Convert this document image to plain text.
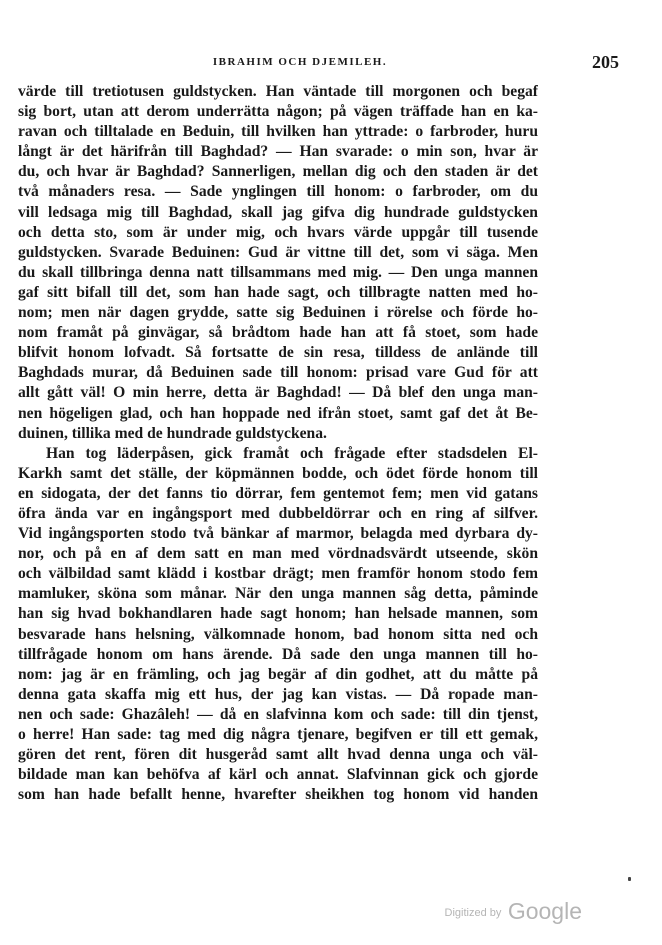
IBRAHIM OCH DJEMILEH.	205
värde till tretiotusen guldstycken. Han väntade till morgonen och begaf
sig bort, utan att derom underrätta någon; på vägen träffade han en ka-
ravan och tilltalade en Beduin, till hvilken han yttrade: o farbroder, huru
långt är det härifrån till Baghdad? — Han svarade: o min son, hvar är
du, och hvar är Baghdad? Sannerligen, mellan dig och den staden är det
två månaders resa. — Sade ynglingen till honom: o farbroder, om du
vill ledsaga mig till Baghdad, skall jag gifva dig hundrade guldstycken
och detta sto, som är under mig, och hvars värde uppgår till tusende
guldstycken. Svarade Beduinen: Gud är vittne till det, som vi säga. Men
du skall tillbringa denna natt tillsammans med mig. — Den unga mannen
gaf sitt bifall till det, som han hade sagt, och tillbragte natten med ho-
nom; men när dagen grydde, satte sig Beduinen i rörelse och förde ho-
nom framåt på ginvägar, så brådtom hade han att få stoet, som hade
blifvit honom lofvadt. Så fortsatte de sin resa, tilldess de anlände till
Baghdads murar, då Beduinen sade till honom: prisad vare Gud för att
allt gått väl! O min herre, detta är Baghdad! — Då blef den unga man-
nen högeligen glad, och han hoppade ned ifrån stoet, samt gaf det åt Be-
duinen, tillika med de hundrade guldstyckena.
Han tog läderpåsen, gick framåt och frågade efter stadsdelen El-
Karkh samt det ställe, der köpmännen bodde, och ödet förde honom till
en sidogata, der det fanns tio dörrar, fem gentemot fem; men vid gatans
öfra ända var en ingångsport med dubbeldörrar och en ring af silfver.
Vid ingångsporten stodo två bänkar af marmor, belagda med dyrbara dy-
nor, och på en af dem satt en man med vördnadsvärdt utseende, skön
och välbildad samt klädd i kostbar drägt; men framför honom stodo fem
mamluker, sköna som månar. När den unga mannen såg detta, påminde
han sig hvad bokhandlaren hade sagt honom; han helsade mannen, som
besvarade hans helsning, välkomnade honom, bad honom sitta ned och
tillfrågade honom om hans ärende. Då sade den unga mannen till ho-
nom: jag är en främling, och jag begär af din godhet, att du måtte på
denna gata skaffa mig ett hus, der jag kan vistas. — Då ropade man-
nen och sade: Ghazâleh! — då en slafvinna kom och sade: till din tjenst,
o herre! Han sade: tag med dig några tjenare, begifven er till ett gemak,
gören det rent, fören dit husgeråd samt allt hvad denna unga och väl-
bildade man kan behöfva af kärl och annat. Slafvinnan gick och gjorde
som han hade befallt henne, hvarefter sheikhen tog honom vid handen
Digitized by Google
